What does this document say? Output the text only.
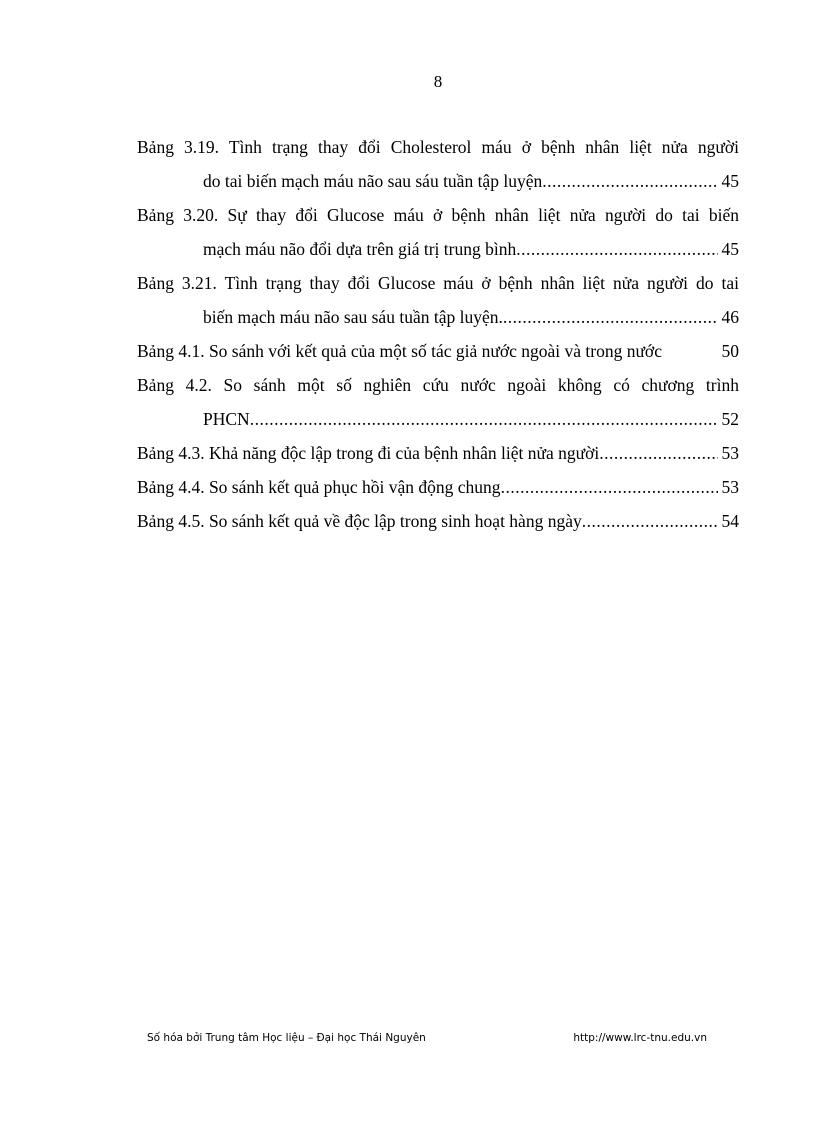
8
Bảng 3.19. Tình trạng thay đổi Cholesterol máu ở bệnh nhân liệt nửa người
do tai biến mạch máu não sau sáu tuần tập luyện .....	45
Bảng 3.20. Sự thay đổi Glucose máu ở bệnh nhân liệt nửa người do tai biến
mạch máu não đổi dựa trên giá trị trung bình .....	45
Bảng 3.21. Tình trạng thay đổi Glucose máu ở bệnh nhân liệt nửa người do tai
biến mạch máu não sau sáu tuần tập luyện. .....	46
Bảng 4.1. So sánh với kết quả của một số tác giả nước ngoài và trong nước	50
Bảng 4.2. So sánh một số nghiên cứu nước ngoài không có chương trình
PHCN .....	52
Bảng 4.3. Khả năng độc lập trong đi của bệnh nhân liệt nửa người .....	53
Bảng 4.4. So sánh kết quả phục hồi vận động chung .....	53
Bảng 4.5. So sánh kết quả về độc lập trong sinh hoạt hàng ngày .....	54
Số hóa bởi Trung tâm Học liệu – Đại học Thái Nguyên	http://www.lrc-tnu.edu.vn
